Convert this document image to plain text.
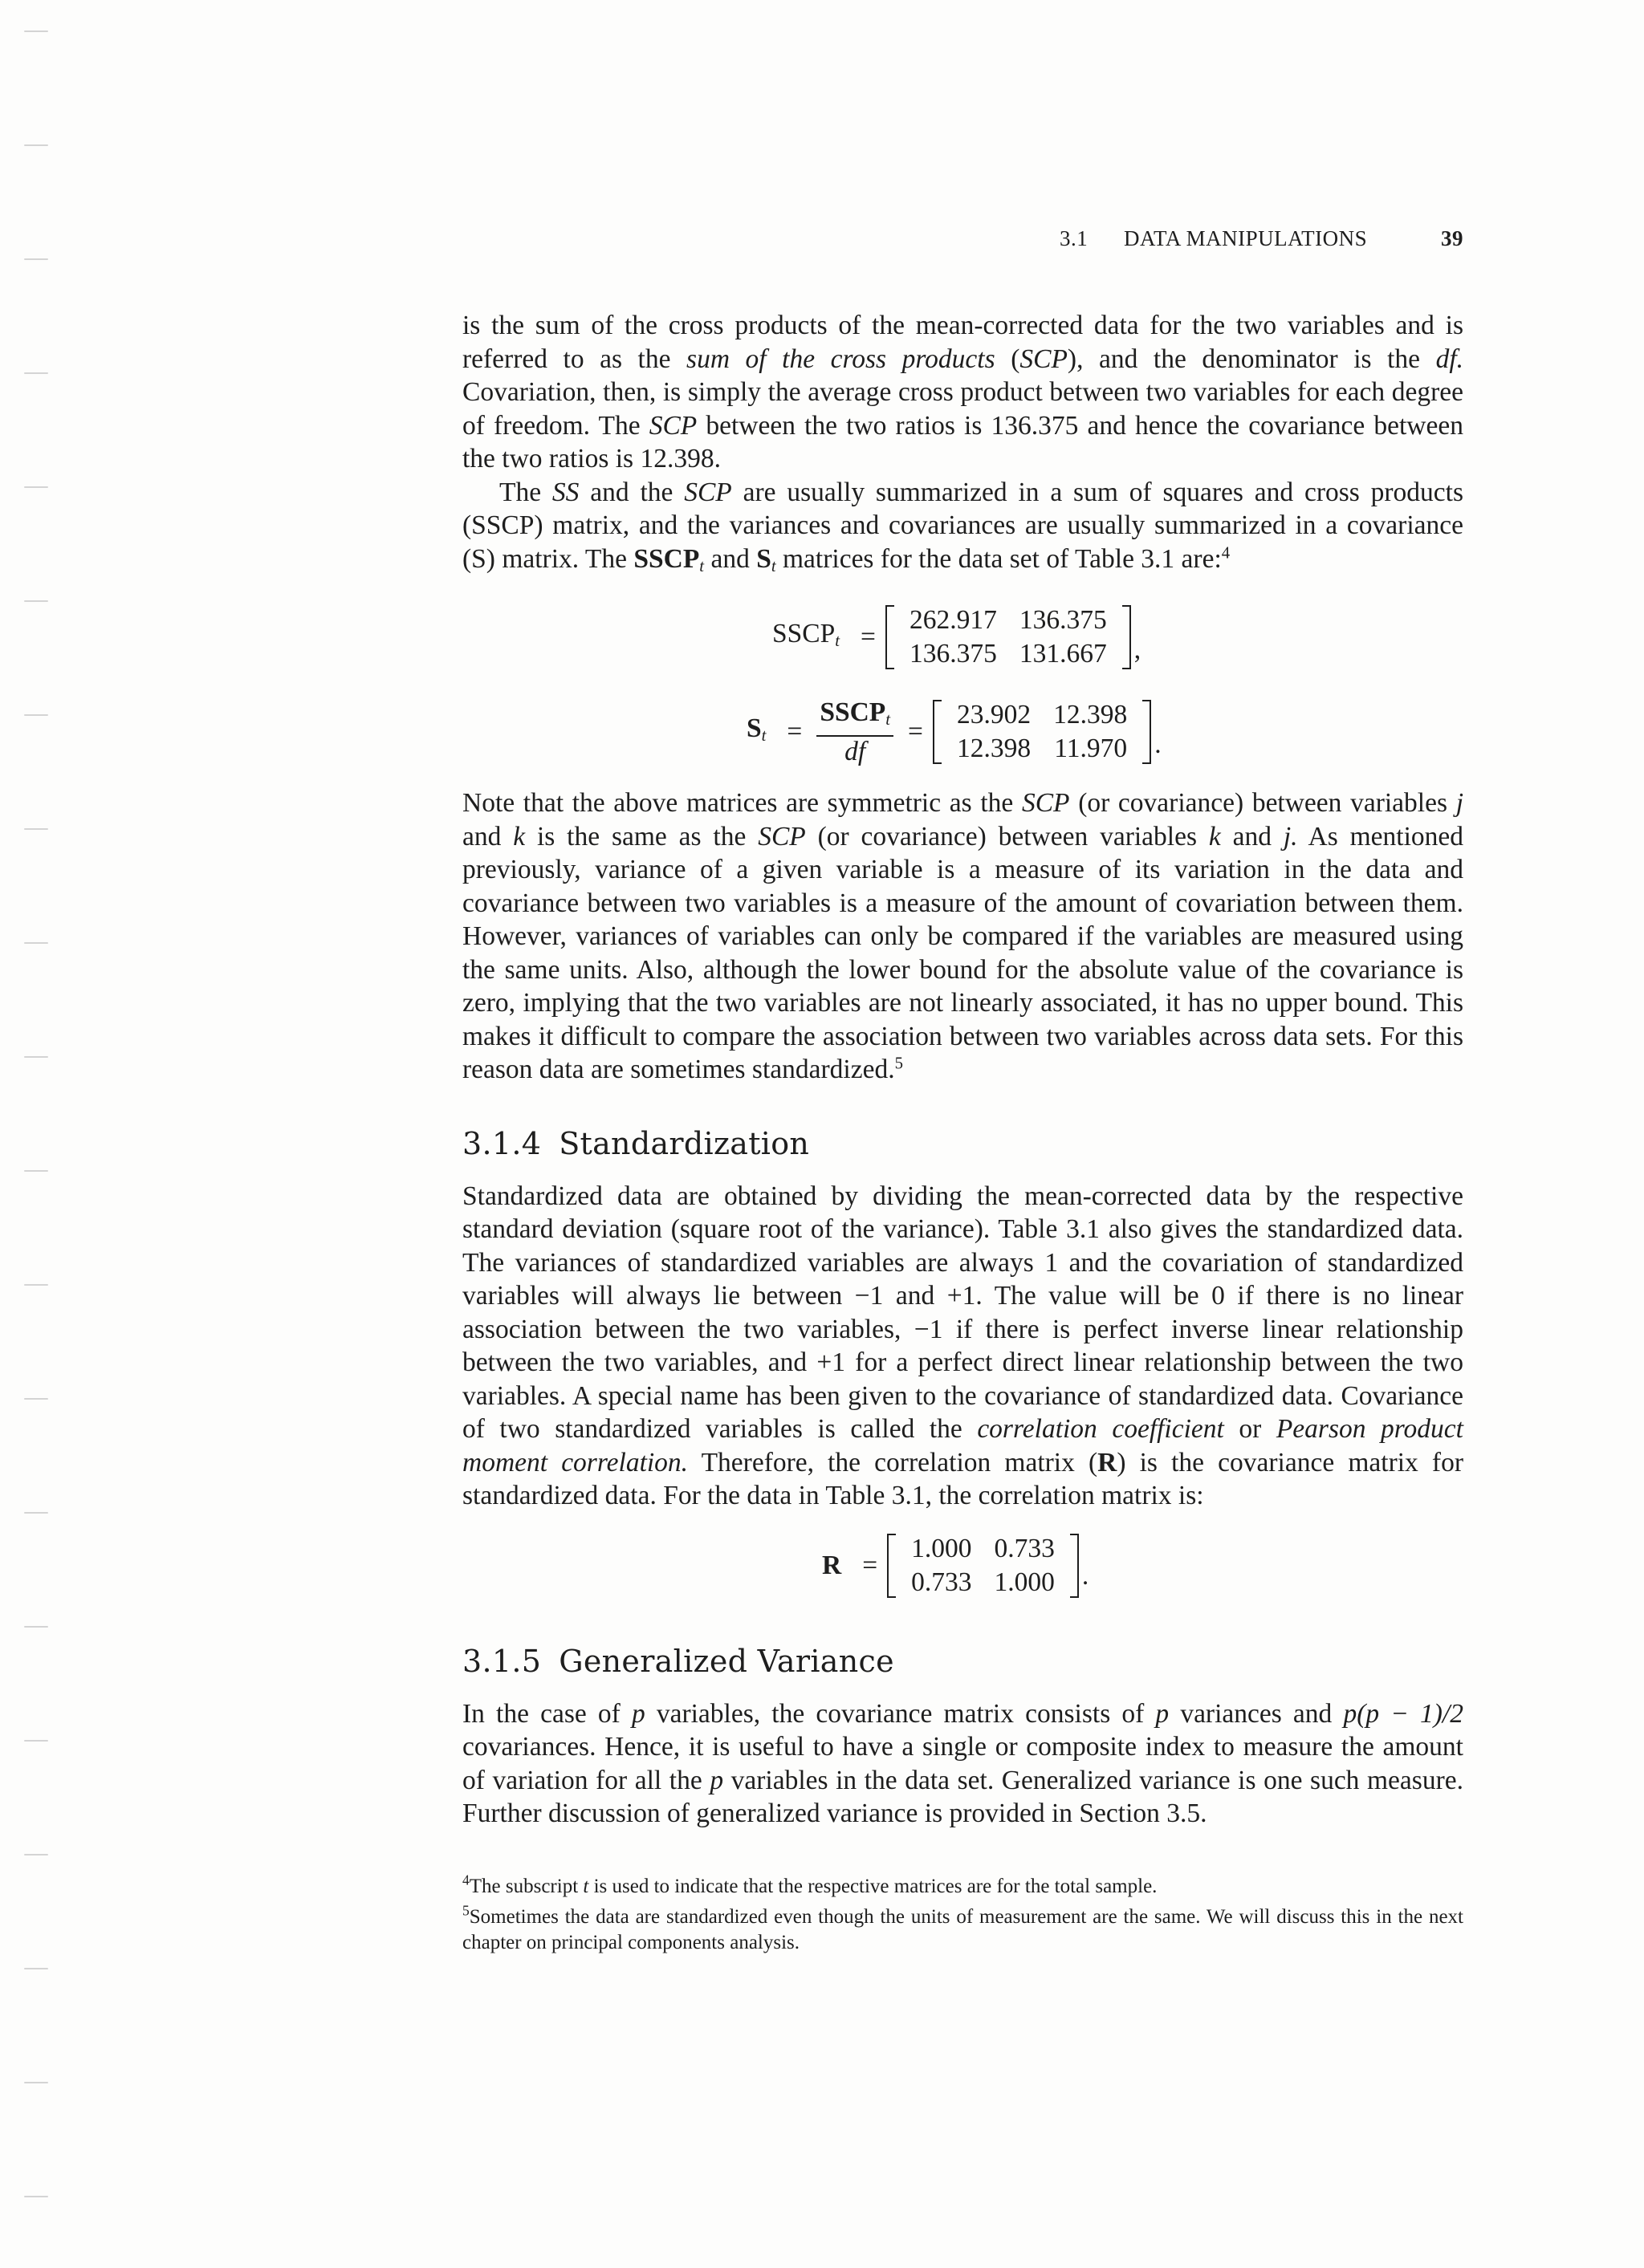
3.1 DATA MANIPULATIONS	39

is the sum of the cross products of the mean-corrected data for the two variables and is referred to as the sum of the cross products (SCP), and the denominator is the df. Covariation, then, is simply the average cross product between two variables for each degree of freedom. The SCP between the two ratios is 136.375 and hence the covariance between the two ratios is 12.398.

The SS and the SCP are usually summarized in a sum of squares and cross products (SSCP) matrix, and the variances and covariances are usually summarized in a covariance (S) matrix. The $SSCP_t$ and $S_t$ matrices for the data set of Table 3.1 are:$^4$

$SSCP_t$ =
262.917	136.375
136.375	131.667 ,
$S_t = \frac{SSCP_t}{df}$ =
23.902	12.398
12.398	11.970 .

Note that the above matrices are symmetric as the SCP (or covariance) between variables j and k is the same as the SCP (or covariance) between variables k and j. As mentioned previously, variance of a given variable is a measure of its variation in the data and covariance between two variables is a measure of the amount of covariation between them. However, variances of variables can only be compared if the variables are measured using the same units. Also, although the lower bound for the absolute value of the covariance is zero, implying that the two variables are not linearly associated, it has no upper bound. This makes it difficult to compare the association between two variables across data sets. For this reason data are sometimes standardized.$^5$

3.1.4 Standardization

Standardized data are obtained by dividing the mean-corrected data by the respective standard deviation (square root of the variance). Table 3.1 also gives the standardized data. The variances of standardized variables are always 1 and the covariation of standardized variables will always lie between −1 and +1. The value will be 0 if there is no linear association between the two variables, −1 if there is perfect inverse linear relationship between the two variables, and +1 for a perfect direct linear relationship between the two variables. A special name has been given to the covariance of standardized data. Covariance of two standardized variables is called the correlation coefficient or Pearson product moment correlation. Therefore, the correlation matrix (R) is the covariance matrix for standardized data. For the data in Table 3.1, the correlation matrix is:

R =
1.000	0.733
0.733	1.000 .
3.1.5 Generalized Variance

In the case of p variables, the covariance matrix consists of p variances and p(p − 1)/2 covariances. Hence, it is useful to have a single or composite index to measure the amount of variation for all the p variables in the data set. Generalized variance is one such measure. Further discussion of generalized variance is provided in Section 3.5.

$^4$The subscript t is used to indicate that the respective matrices are for the total sample.

$^5$Sometimes the data are standardized even though the units of measurement are the same. We will discuss this in the next chapter on principal components analysis.
